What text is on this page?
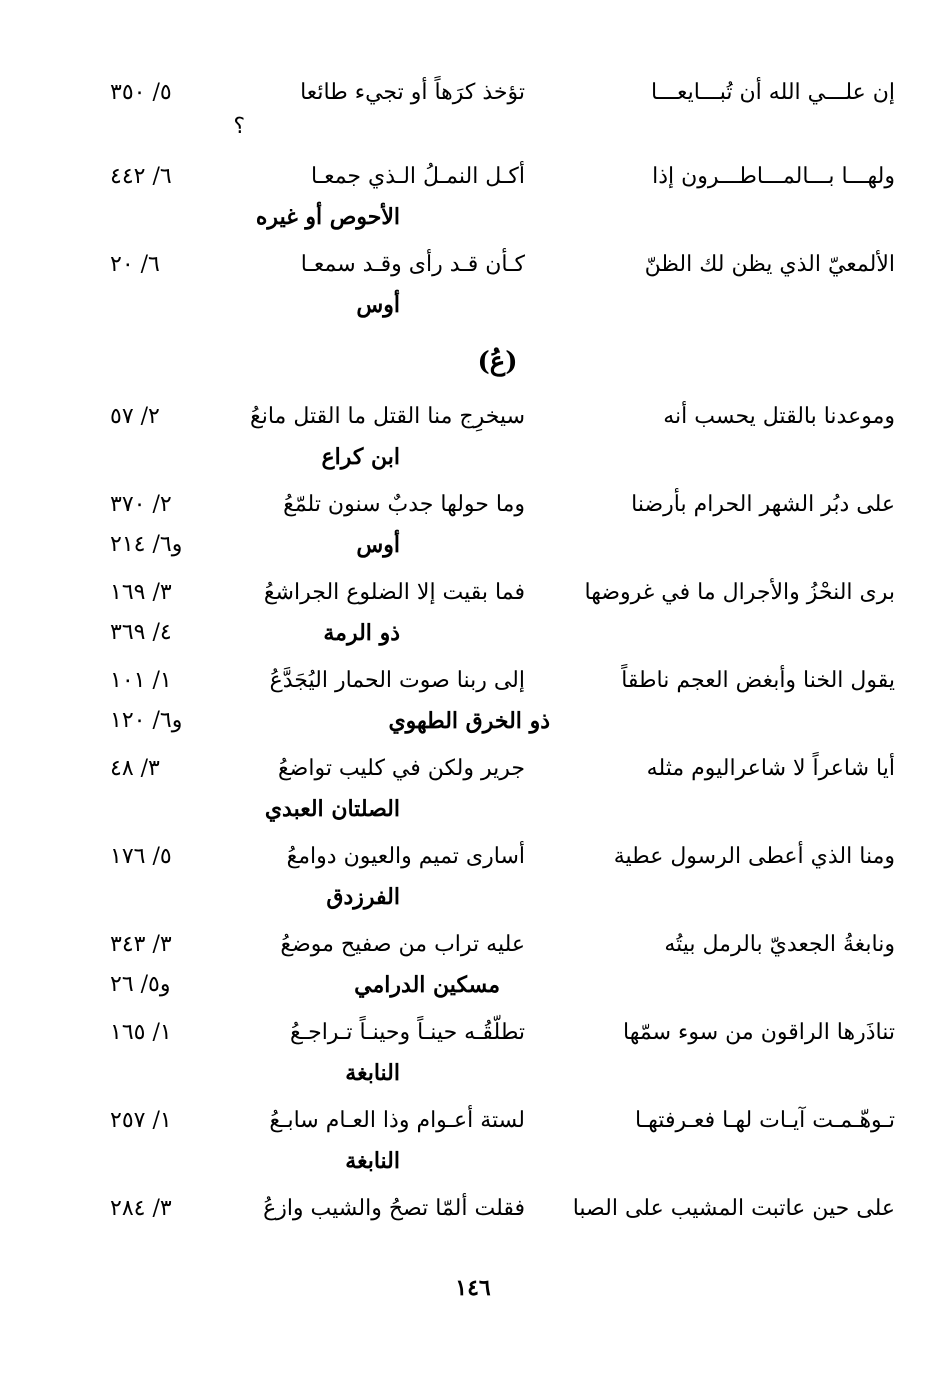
إن علـــي الله أن تُبـــايعـــا
تؤخذ كرَهاً أو تجيء طائعا
٥/ ٣٥٠
؟
ولهـــا بـــالمـــاطـــرون إذا
أكـل النمـلُ الـذي جمعـا
٦/ ٤٤٢
الأحوص أو غيره
الألمعيّ الذي يظن لك الظنّ
كـأن قـد رأى وقـد سمعـا
٦/ ٢٠
أوس
(عُ)
وموعدنا بالقتل يحسب أنه
سيخرِج منا القتل ما القتل مانعُ
٢/ ٥٧
ابن كراع
على دبُر الشهر الحرام بأرضنا
وما حولها جدبٌ سنون تلمّعُ
٢/ ٣٧٠
أوس
و٦/ ٢١٤
برى النحْزُ والأجرال ما في غروضها
فما بقيت إلا الضلوع الجراشعُ
٣/ ١٦٩
ذو الرمة
٤/ ٣٦٩
يقول الخنا وأبغض العجم ناطقاً
إلى ربنا صوت الحمار اليُجَدَّعُ
١/ ١٠١
ذو الخرق الطهوي
و٦/ ١٢٠
أيا شاعراً لا شاعراليوم مثله
جرير ولكن في كليب تواضعُ
٣/ ٤٨
الصلتان العبدي
ومنا الذي أعطى الرسول عطية
أسارى تميم والعيون دوامعُ
٥/ ١٧٦
الفرزدق
ونابغةُ الجعديّ بالرمل بيتُه
عليه تراب من صفيح موضعُ
٣/ ٣٤٣
مسكين الدرامي
و٥/ ٢٦
تناذَرها الراقون من سوء سمّها
تطلّقُـه حينـاً وحينـاً تـراجـعُ
١/ ١٦٥
النابغة
تـوهّـمـت آيـات لهـا فعـرفتهـا
لستة أعـوام وذا العـام سابـعُ
١/ ٢٥٧
النابغة
على حين عاتبت المشيب على الصبا
فقلت ألمّا تصحُ والشيب وازعُ
٣/ ٢٨٤
١٤٦
